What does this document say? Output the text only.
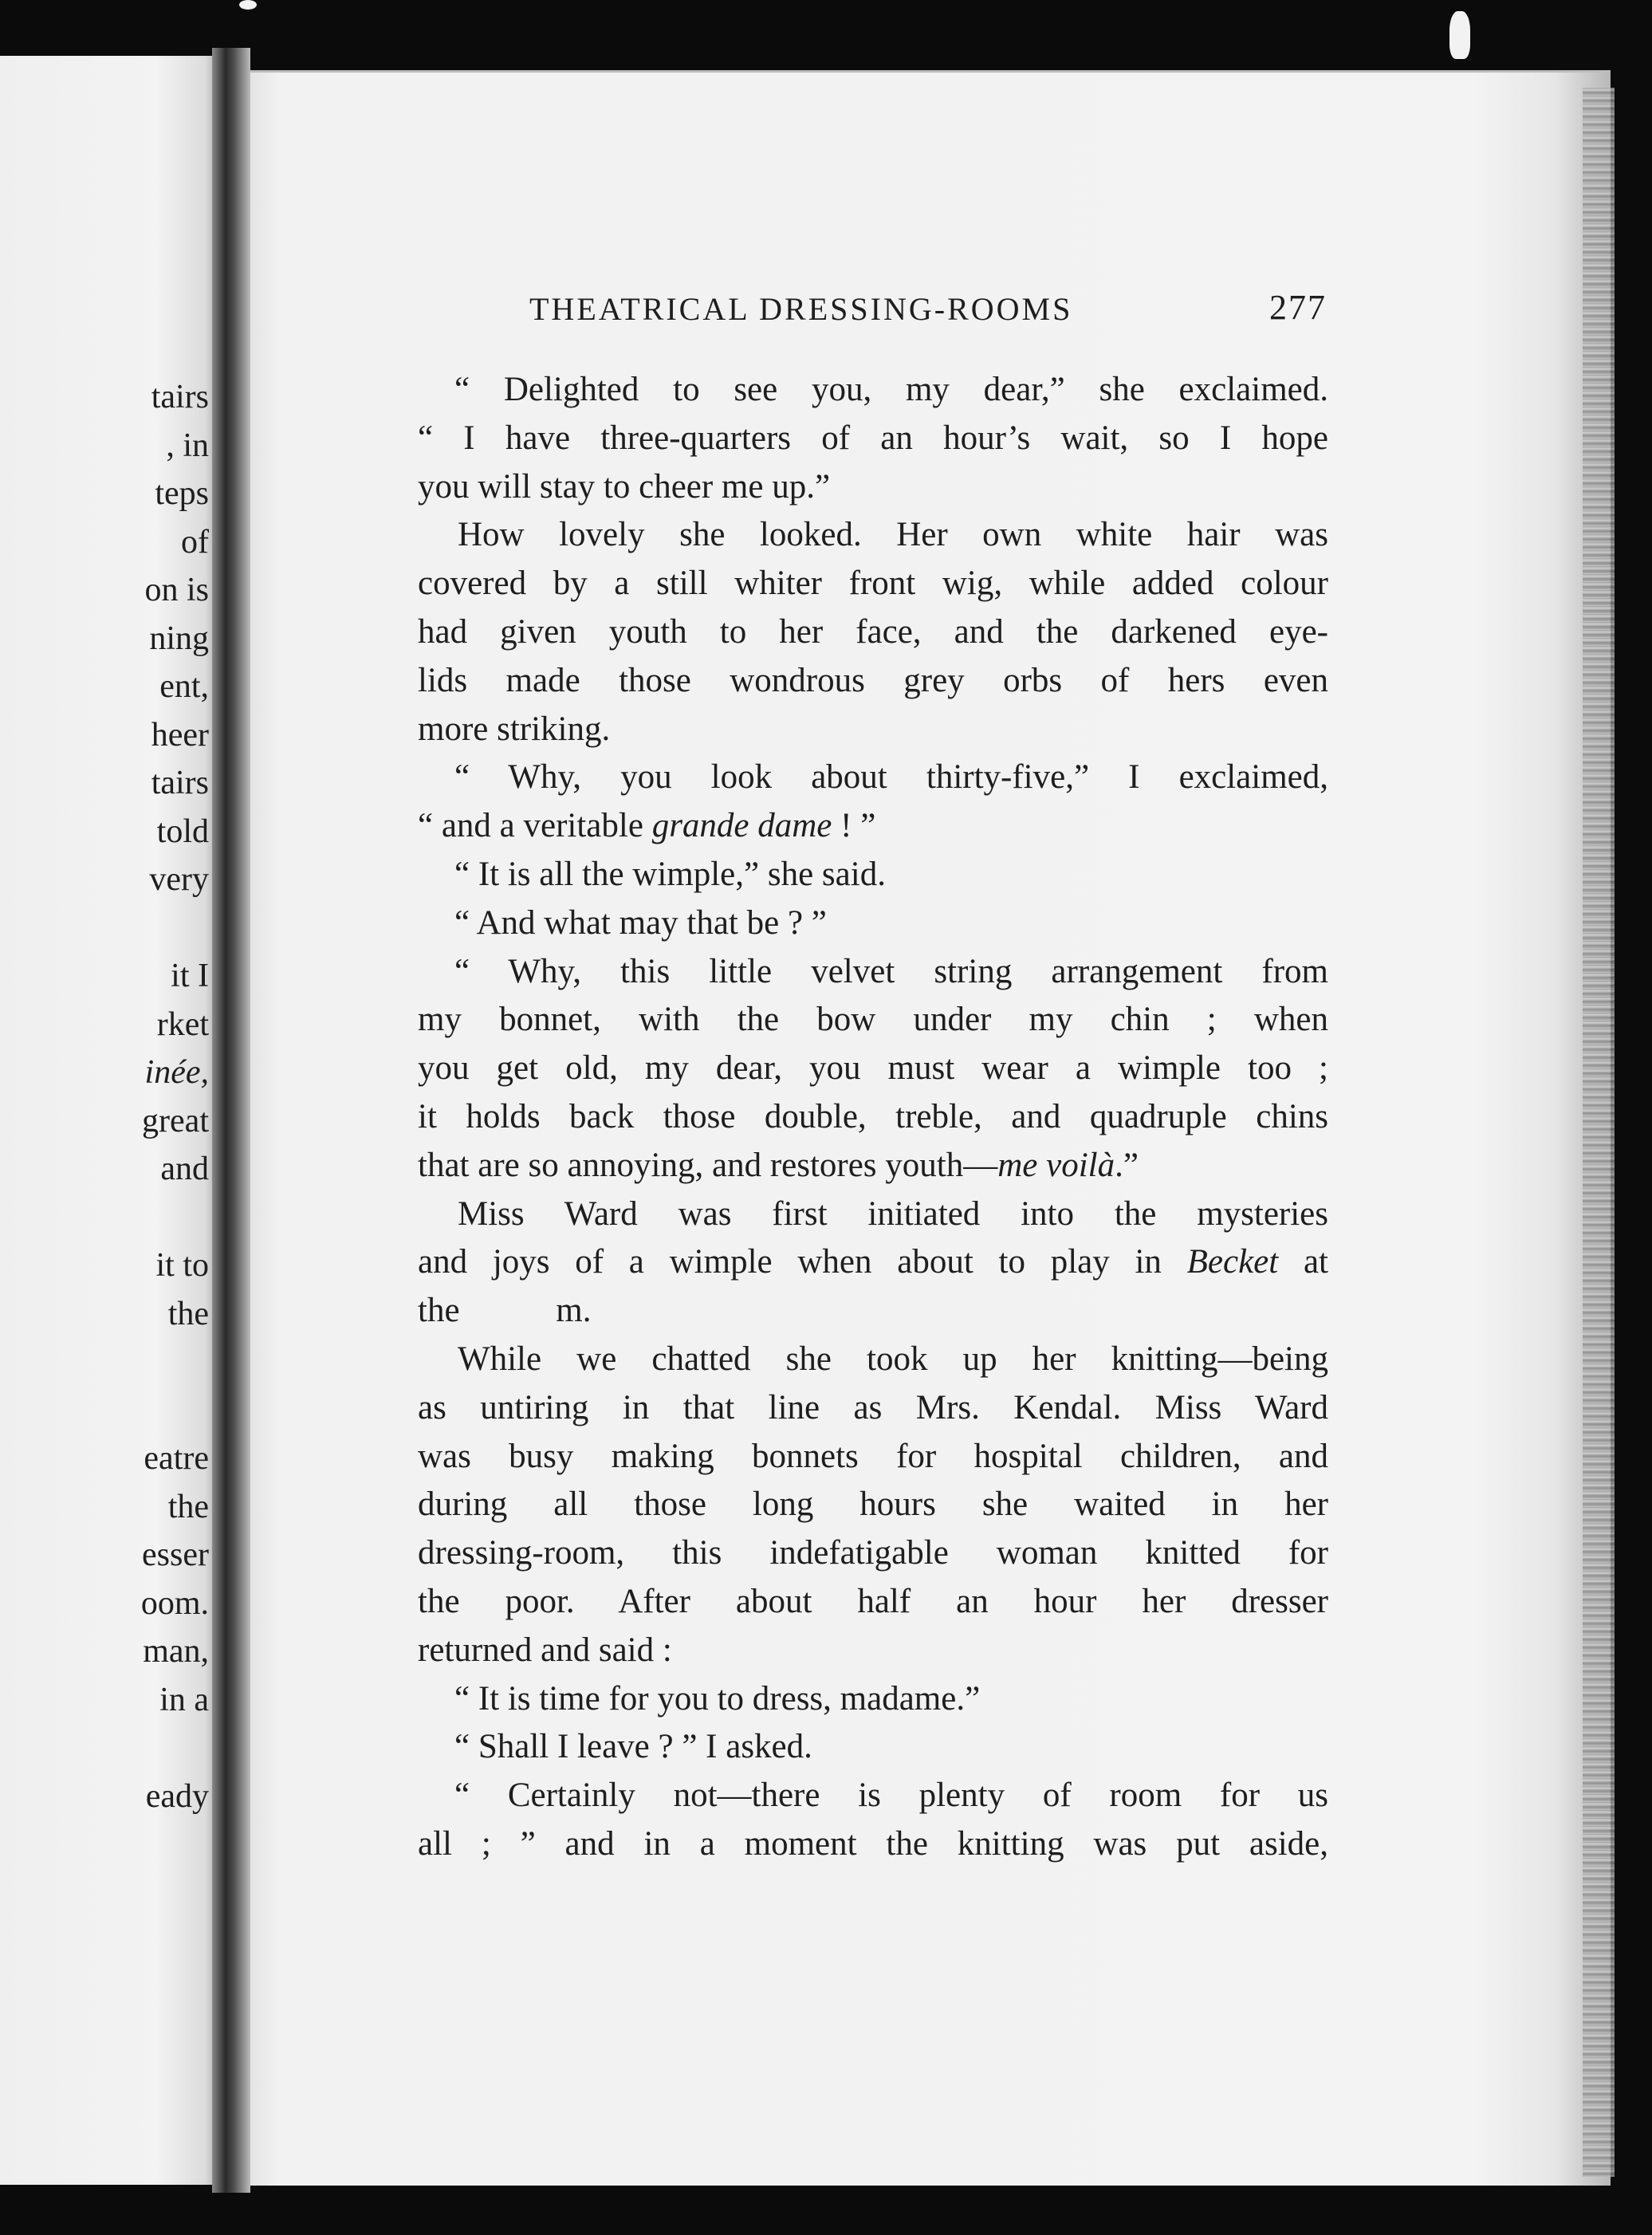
tairs
, in
teps
of
on is
ning
ent,
heer
tairs
told
very
it I
rket
inée,
great
and
it to
the
eatre
the
esser
oom.
man,
in a
eady
THEATRICAL DRESSING-ROOMS	277
“ Delighted to see you, my dear,” she exclaimed.
“ I have three-quarters of an hour’s wait, so I hope
you will stay to cheer me up.”
How lovely she looked. Her own white hair was
covered by a still whiter front wig, while added colour
had given youth to her face, and the darkened eye-
lids made those wondrous grey orbs of hers even
more striking.
“ Why, you look about thirty-five,” I exclaimed,
“ and a veritable grande dame ! ”
“ It is all the wimple,” she said.
“ And what may that be ? ”
“ Why, this little velvet string arrangement from
my bonnet, with the bow under my chin ; when
you get old, my dear, you must wear a wimple too ;
it holds back those double, treble, and quadruple chins
that are so annoying, and restores youth—me voilà.”
Miss Ward was first initiated into the mysteries
and joys of a wimple when about to play in Becket at
the m.
While we chatted she took up her knitting—being
as untiring in that line as Mrs. Kendal. Miss Ward
was busy making bonnets for hospital children, and
during all those long hours she waited in her
dressing-room, this indefatigable woman knitted for
the poor. After about half an hour her dresser
returned and said :
“ It is time for you to dress, madame.”
“ Shall I leave ? ” I asked.
“ Certainly not—there is plenty of room for us
all ; ” and in a moment the knitting was put aside,
